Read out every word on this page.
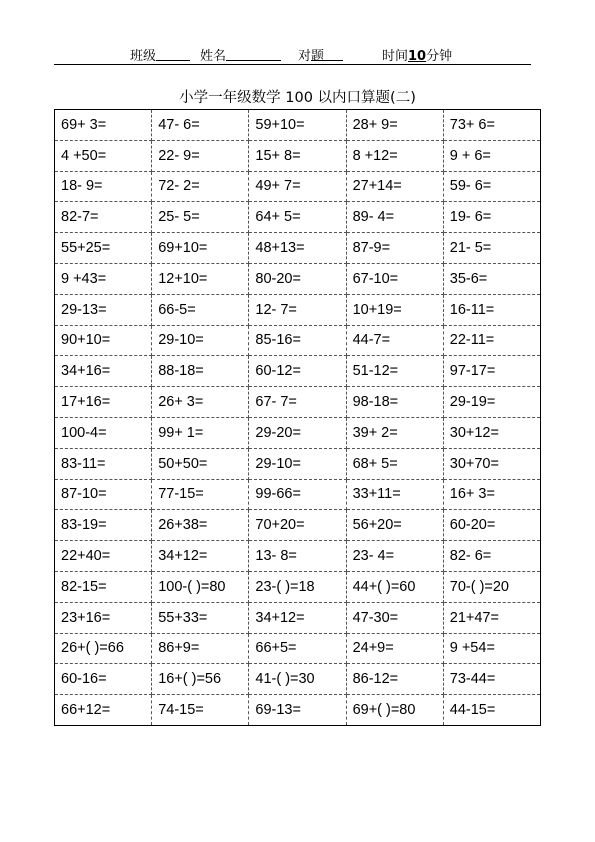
班级	姓名	对
题	时间10分钟
小学一年级数学 100 以内口算题(二)
69+ 3=	47- 6=	59+10=	28+ 9=	73+ 6=
4 +50=	22- 9=	15+ 8=	8 +12=	9 + 6=
18- 9=	72- 2=	49+ 7=	27+14=	59- 6=
82-7=	25- 5=	64+ 5=	89- 4=	19- 6=
55+25=	69+10=	48+13=	87-9=	21- 5=
9 +43=	12+10=	80-20=	67-10=	35-6=
29-13=	66-5=	12- 7=	10+19=	16-11=
90+10=	29-10=	85-16=	44-7=	22-11=
34+16=	88-18=	60-12=	51-12=	97-17=
17+16=	26+ 3=	67- 7=	98-18=	29-19=
100-4=	99+ 1=	29-20=	39+ 2=	30+12=
83-11=	50+50=	29-10=	68+ 5=	30+70=
87-10=	77-15=	99-66=	33+11=	16+ 3=
83-19=	26+38=	70+20=	56+20=	60-20=
22+40=	34+12=	13- 8=	23- 4=	82- 6=
82-15=	100-( )=80	23-( )=18	44+( )=60	70-( )=20
23+16=	55+33=	34+12=	47-30=	21+47=
26+( )=66	86+9=	66+5=	24+9=	9 +54=
60-16=	16+( )=56	41-( )=30	86-12=	73-44=
66+12=	74-15=	69-13=	69+( )=80	44-15=
